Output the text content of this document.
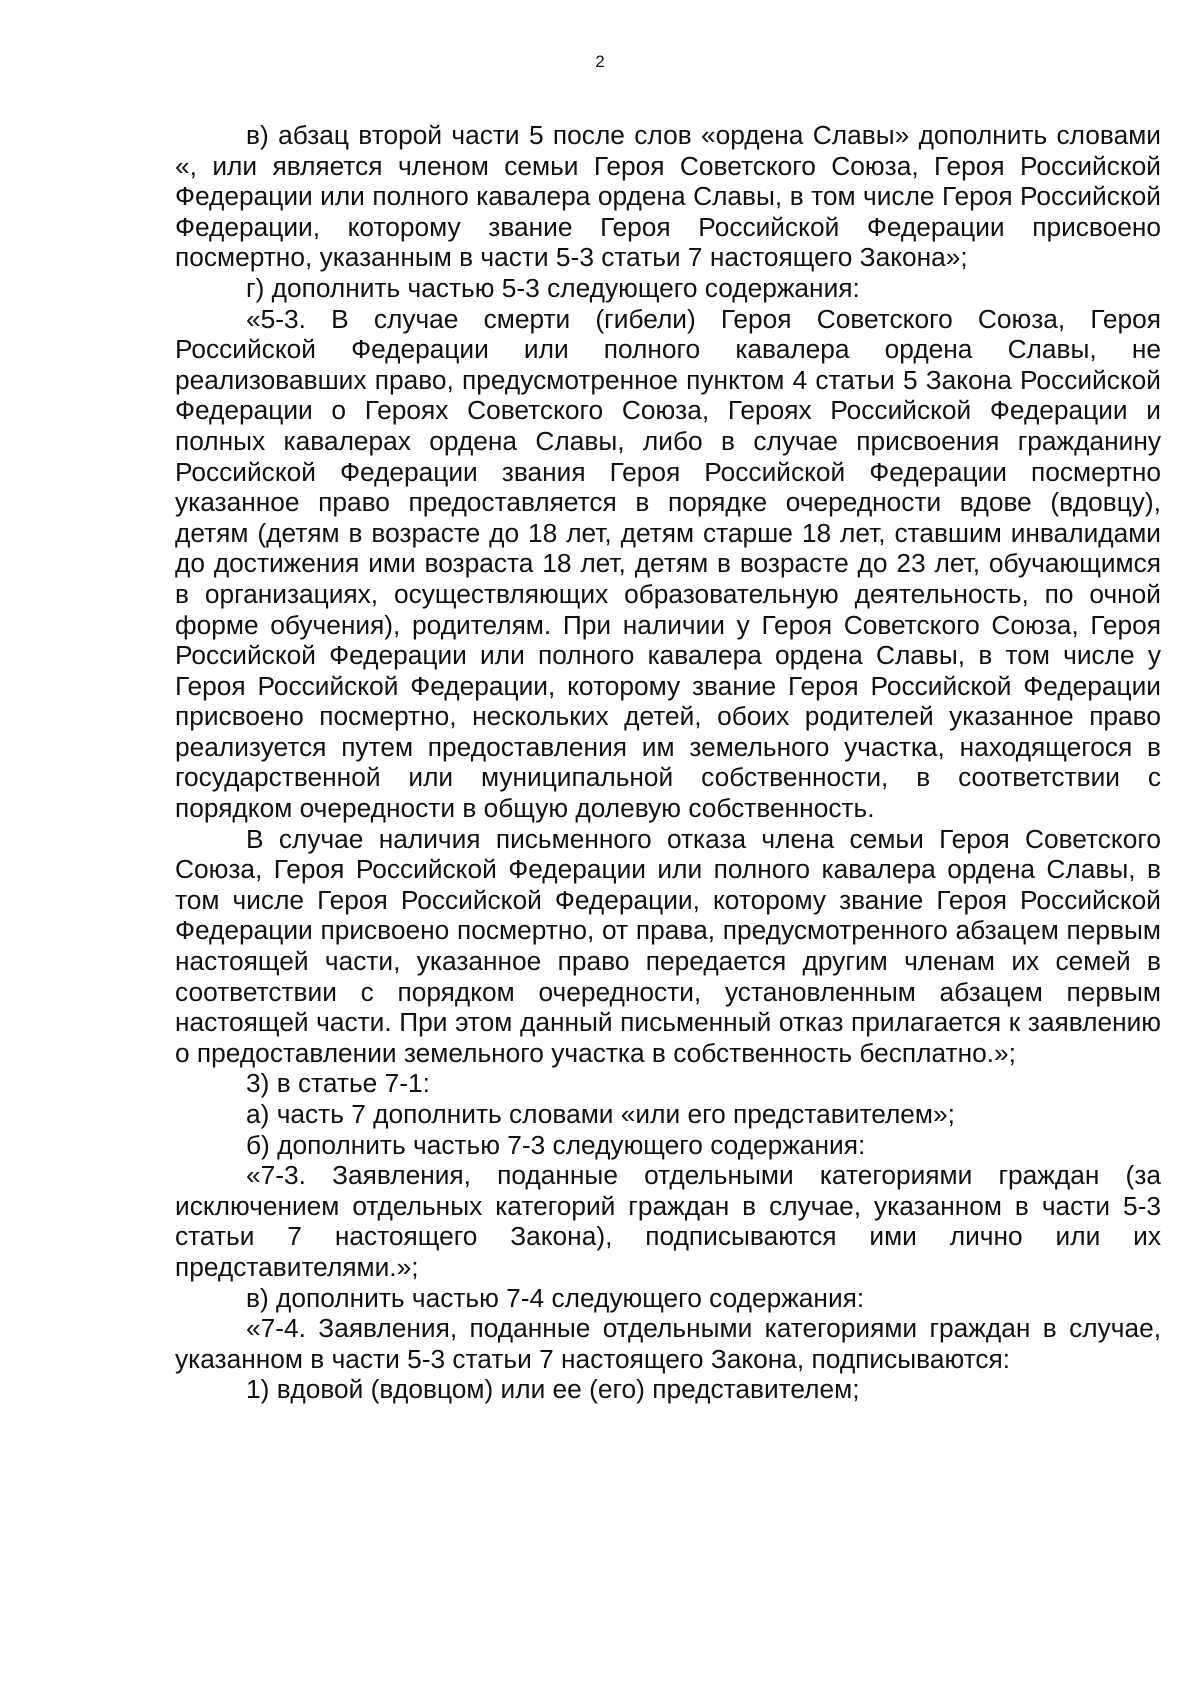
2

в) абзац второй части 5 после слов «ордена Славы» дополнить словами «, или является членом семьи Героя Советского Союза, Героя Российской Федерации или полного кавалера ордена Славы, в том числе Героя Российской Федерации, которому звание Героя Российской Федерации присвоено посмертно, указанным в части 5-3 статьи 7 настоящего Закона»;

г) дополнить частью 5-3 следующего содержания:

«5-3. В случае смерти (гибели) Героя Советского Союза, Героя Российской Федерации или полного кавалера ордена Славы, не реализовавших право, предусмотренное пунктом 4 статьи 5 Закона Российской Федерации о Героях Советского Союза, Героях Российской Федерации и полных кавалерах ордена Славы, либо в случае присвоения гражданину Российской Федерации звания Героя Российской Федерации посмертно указанное право предоставляется в порядке очередности вдове (вдовцу), детям (детям в возрасте до 18 лет, детям старше 18 лет, ставшим инвалидами до достижения ими возраста 18 лет, детям в возрасте до 23 лет, обучающимся в организациях, осуществляющих образовательную деятельность, по очной форме обучения), родителям. При наличии у Героя Советского Союза, Героя Российской Федерации или полного кавалера ордена Славы, в том числе у Героя Российской Федерации, которому звание Героя Российской Федерации присвоено посмертно, нескольких детей, обоих родителей указанное право реализуется путем предоставления им земельного участка, находящегося в государственной или муниципальной собственности, в соответствии с порядком очередности в общую долевую собственность.

В случае наличия письменного отказа члена семьи Героя Советского Союза, Героя Российской Федерации или полного кавалера ордена Славы, в том числе Героя Российской Федерации, которому звание Героя Российской Федерации присвоено посмертно, от права, предусмотренного абзацем первым настоящей части, указанное право передается другим членам их семей в соответствии с порядком очередности, установленным абзацем первым настоящей части. При этом данный письменный отказ прилагается к заявлению о предоставлении земельного участка в собственность бесплатно.»;

3) в статье 7-1:

а) часть 7 дополнить словами «или его представителем»;

б) дополнить частью 7-3 следующего содержания:

«7-3. Заявления, поданные отдельными категориями граждан (за исключением отдельных категорий граждан в случае, указанном в части 5-3 статьи 7 настоящего Закона), подписываются ими лично или их представителями.»;

в) дополнить частью 7-4 следующего содержания:

«7-4. Заявления, поданные отдельными категориями граждан в случае, указанном в части 5-3 статьи 7 настоящего Закона, подписываются:

1) вдовой (вдовцом) или ее (его) представителем;
